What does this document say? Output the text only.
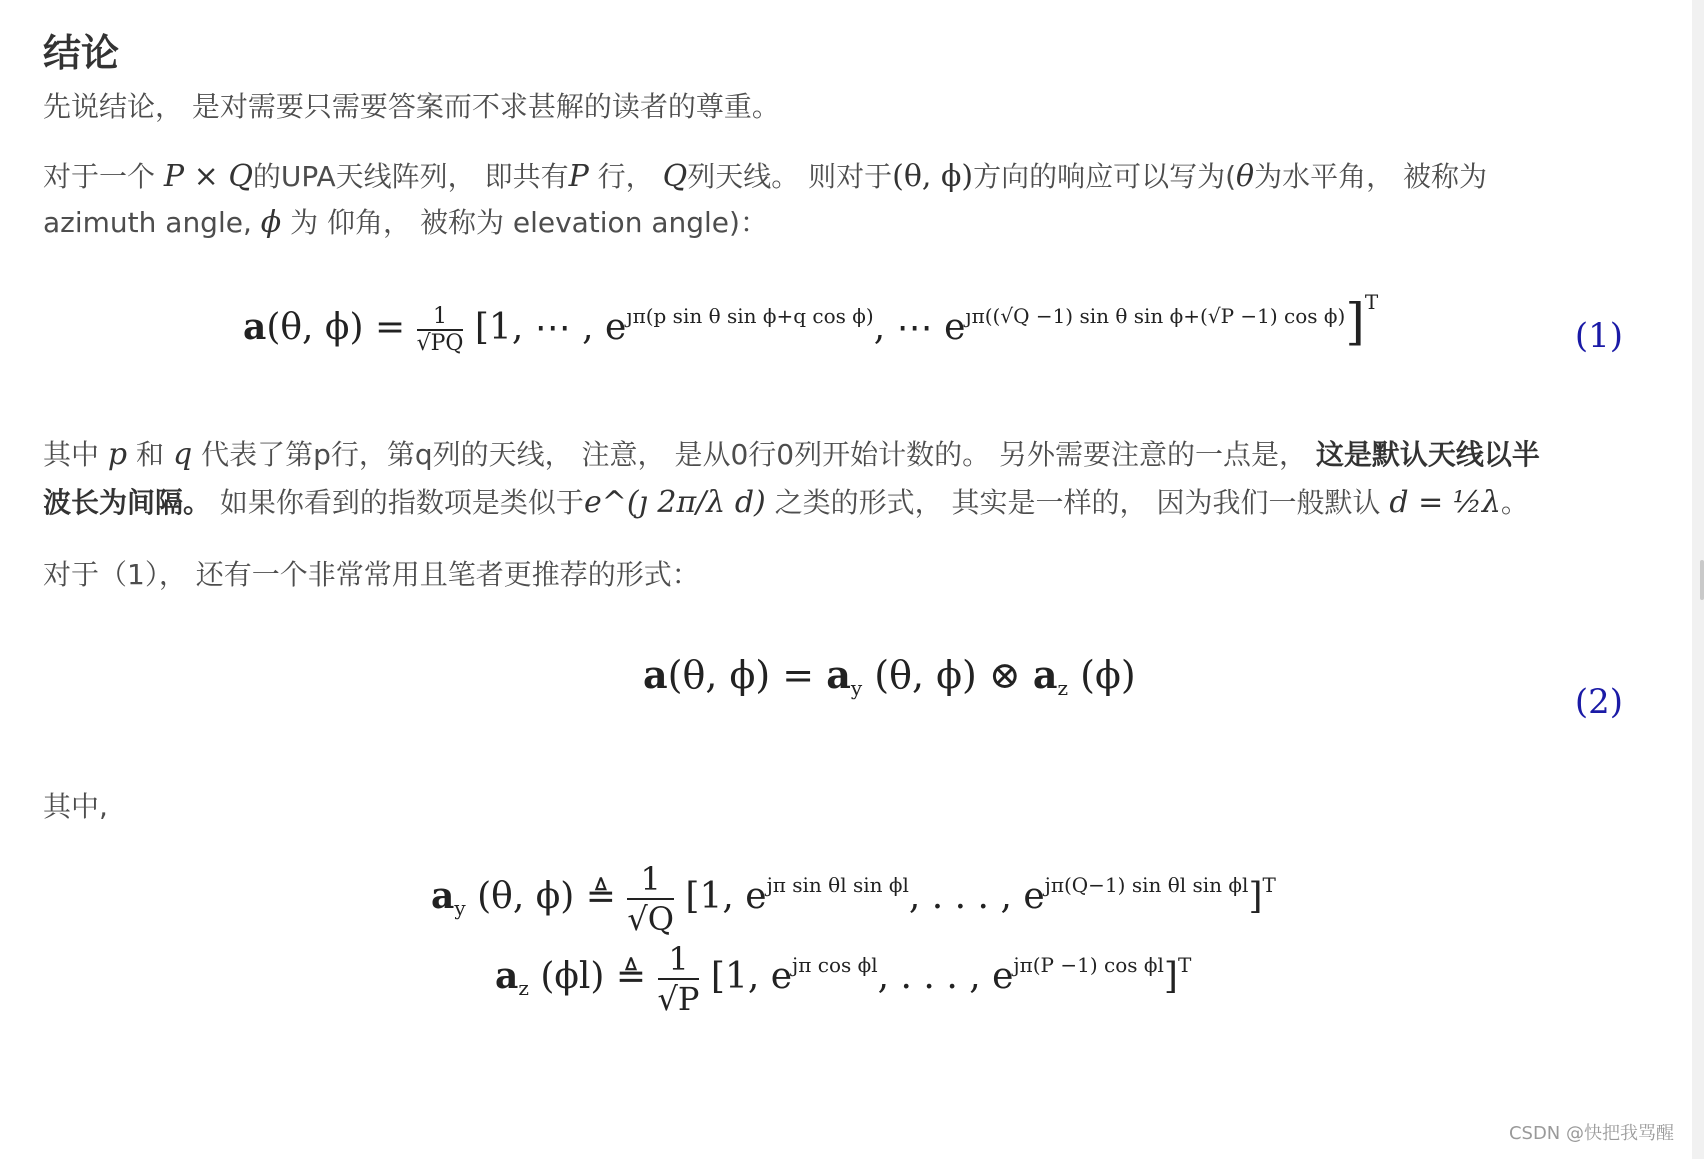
结论

先说结论， 是对需要只需要答案而不求甚解的读者的尊重。

对于一个 P × Q的UPA天线阵列， 即共有P 行， Q列天线。 则对于(θ, ϕ)方向的响应可以写为(θ为水平角， 被称为

azimuth angle, ϕ 为 仰角， 被称为 elevation angle)：

a(θ, $\phi) = \frac{1}{√PQ} [1$, ⋯ , $e^{ȷ\pi(p sin \theta sin \phi+q cos \phi)}$, ⋯ $e^{ȷ\pi((√Q -1) sin \theta sin \phi+(√P -1) cos \phi)}]^T$
(1)

其中 p 和 q 代表了第p行，第q列的天线， 注意， 是从0行0列开始计数的。 另外需要注意的一点是， 这是默认天线以半

波长为间隔。 如果你看到的指数项是类似于e^(ȷ 2π/λ d) 之类的形式， 其实是一样的， 因为我们一般默认 d = ½λ。

对于（1）， 还有一个非常常用且笔者更推荐的形式：

a(θ, $\phi) = a_y$ (θ, ϕ) ⊗ $a_z$ (ϕ)
(2)

其中,

$a_y$ (θ, ϕ) ≜ $\frac{1}{√Q} [1$, $e^{j\pi sin \theta l sin \phi l}$, . . . , $e^{j\pi(Q-1) sin \theta l sin \phi l}]^T$
$a_z$ (ϕl) ≜ $\frac{1}{√P} [1$, $e^{j\pi cos \phi l}$, . . . , $e^{j\pi(P -1) cos \phi l}]^T$
CSDN @快把我骂醒
